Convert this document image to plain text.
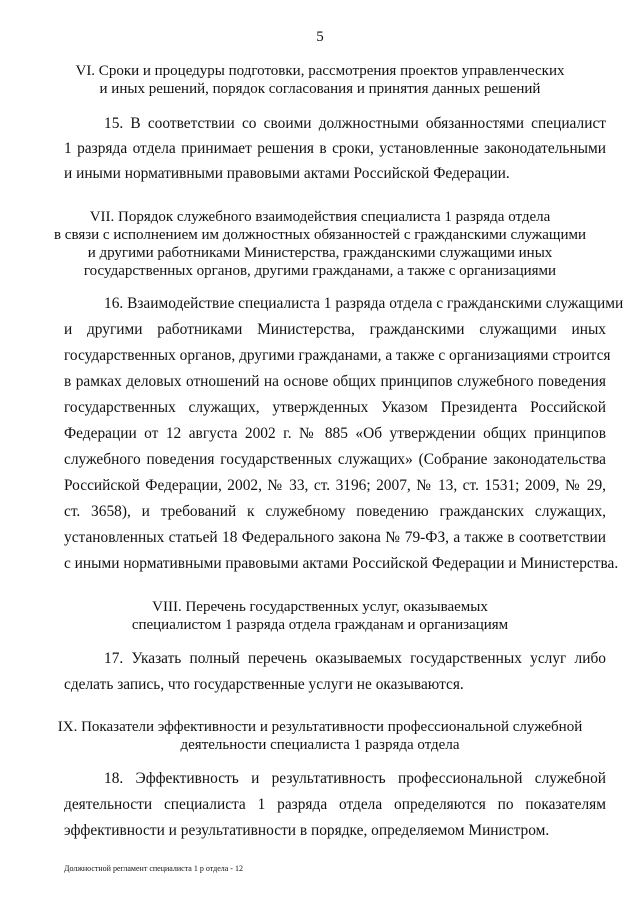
5
VI. Сроки и процедуры подготовки, рассмотрения проектов управленческих
и иных решений, порядок согласования и принятия данных решений
15. В соответствии со своими должностными обязанностями специалист
1 разряда отдела принимает решения в сроки, установленные законодательными
и иными нормативными правовыми актами Российской Федерации.
VII. Порядок служебного взаимодействия специалиста 1 разряда отдела
в связи с исполнением им должностных обязанностей с гражданскими служащими
и другими работниками Министерства, гражданскими служащими иных
государственных органов, другими гражданами, а также с организациями
16. Взаимодействие специалиста 1 разряда отдела с гражданскими служащими
и другими работниками Министерства, гражданскими служащими иных
государственных органов, другими гражданами, а также с организациями строится
в рамках деловых отношений на основе общих принципов служебного поведения
государственных служащих, утвержденных Указом Президента Российской
Федерации от 12 августа 2002 г. № 885 «Об утверждении общих принципов
служебного поведения государственных служащих» (Собрание законодательства
Российской Федерации, 2002, № 33, ст. 3196; 2007, № 13, ст. 1531; 2009, № 29,
ст. 3658), и требований к служебному поведению гражданских служащих,
установленных статьей 18 Федерального закона № 79-ФЗ, а также в соответствии
с иными нормативными правовыми актами Российской Федерации и Министерства.
VIII. Перечень государственных услуг, оказываемых
специалистом 1 разряда отдела гражданам и организациям
17. Указать полный перечень оказываемых государственных услуг либо
сделать запись, что государственные услуги не оказываются.
IX. Показатели эффективности и результативности профессиональной служебной
деятельности специалиста 1 разряда отдела
18. Эффективность и результативность профессиональной служебной
деятельности специалиста 1 разряда отдела определяются по показателям
эффективности и результативности в порядке, определяемом Министром.
Должностной регламент специалиста 1 р отдела - 12
